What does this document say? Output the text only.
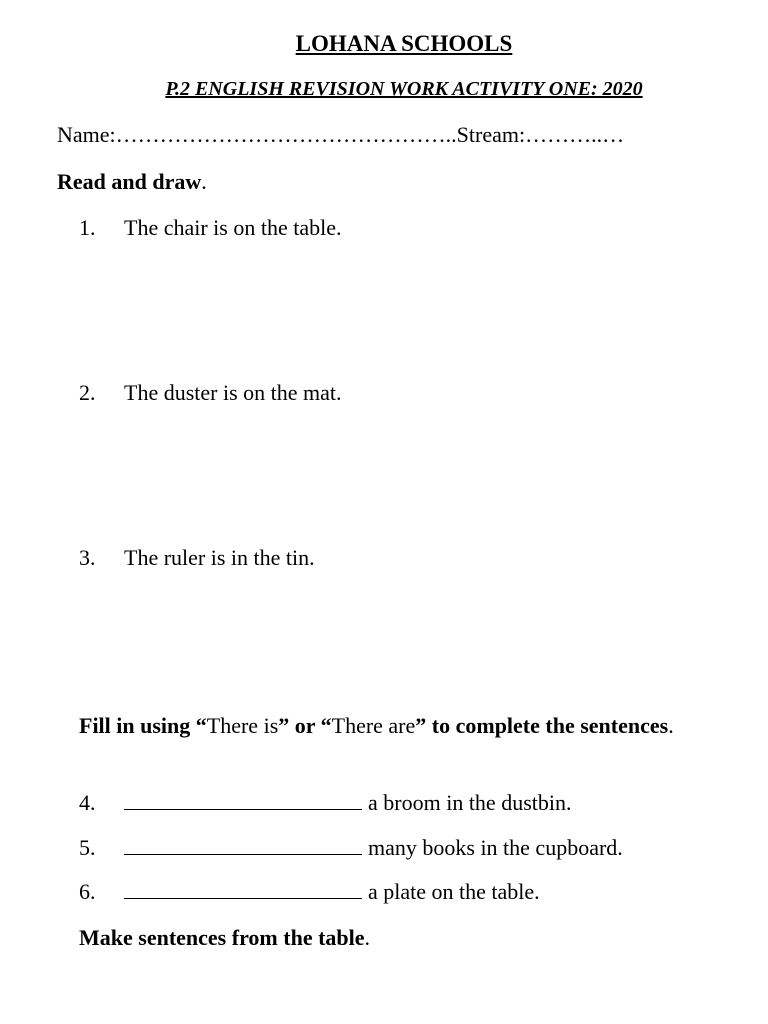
LOHANA SCHOOLS
P.2 ENGLISH REVISION WORK ACTIVITY ONE: 2020
Name:………………………………………..Stream:………..…
Read and draw.
1. The chair is on the table.
2. The duster is on the mat.
3. The ruler is in the tin.
Fill in using “There is” or “There are” to complete the sentences.
4.	a broom in the dustbin.
5.	many books in the cupboard.
6.	a plate on the table.
Make sentences from the table.
